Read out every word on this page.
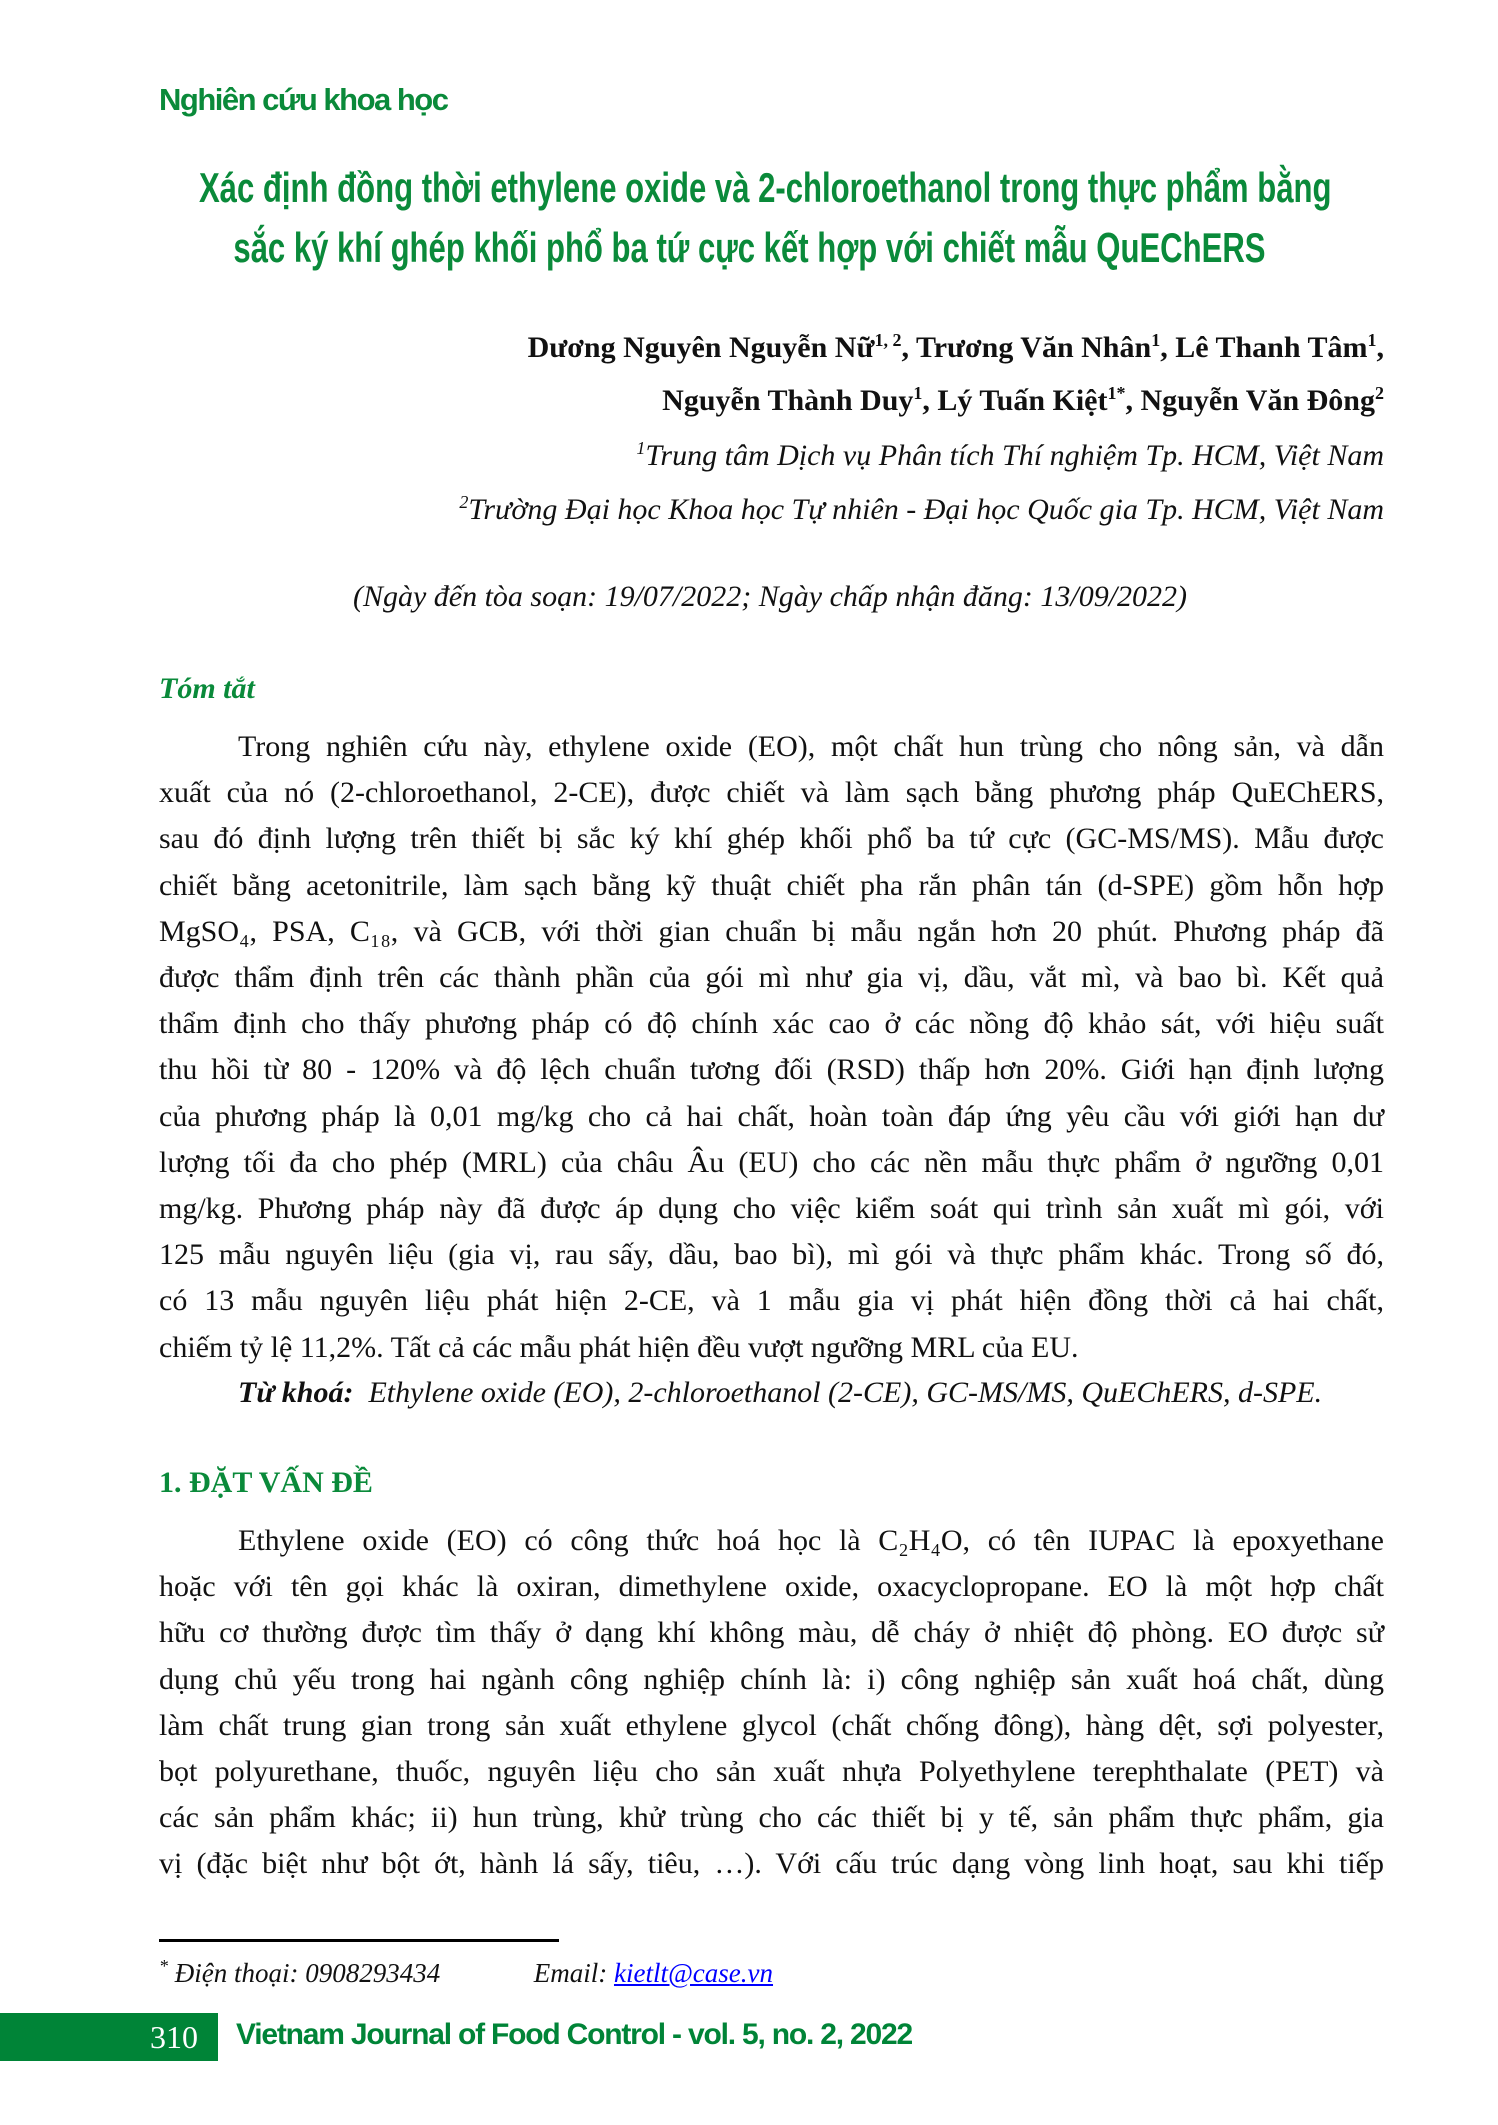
Nghiên cứu khoa học
Xác định đồng thời ethylene oxide và 2-chloroethanol trong thực phẩm bằng
sắc ký khí ghép khối phổ ba tứ cực kết hợp với chiết mẫu QuEChERS
Dương Nguyên Nguyễn Nữ$^{1, 2}$, Trương Văn Nhân$^1$, Lê Thanh Tâm$^1$,
Nguyễn Thành Duy$^1$, Lý Tuấn Kiệt$^{1*}$, Nguyễn Văn Đông$^2$
$^1$Trung tâm Dịch vụ Phân tích Thí nghiệm Tp. HCM, Việt Nam
$^2$Trường Đại học Khoa học Tự nhiên - Đại học Quốc gia Tp. HCM, Việt Nam
(Ngày đến tòa soạn: 19/07/2022; Ngày chấp nhận đăng: 13/09/2022)
Tóm tắt
Trong nghiên cứu này, ethylene oxide (EO), một chất hun trùng cho nông sản, và dẫn
xuất của nó (2-chloroethanol, 2-CE), được chiết và làm sạch bằng phương pháp QuEChERS,
sau đó định lượng trên thiết bị sắc ký khí ghép khối phổ ba tứ cực (GC-MS/MS). Mẫu được
chiết bằng acetonitrile, làm sạch bằng kỹ thuật chiết pha rắn phân tán (d-SPE) gồm hỗn hợp
MgSO₄, PSA, C₁₈, và GCB, với thời gian chuẩn bị mẫu ngắn hơn 20 phút. Phương pháp đã
được thẩm định trên các thành phần của gói mì như gia vị, dầu, vắt mì, và bao bì. Kết quả
thẩm định cho thấy phương pháp có độ chính xác cao ở các nồng độ khảo sát, với hiệu suất
thu hồi từ 80 - 120% và độ lệch chuẩn tương đối (RSD) thấp hơn 20%. Giới hạn định lượng
của phương pháp là 0,01 mg/kg cho cả hai chất, hoàn toàn đáp ứng yêu cầu với giới hạn dư
lượng tối đa cho phép (MRL) của châu Âu (EU) cho các nền mẫu thực phẩm ở ngưỡng 0,01
mg/kg. Phương pháp này đã được áp dụng cho việc kiểm soát qui trình sản xuất mì gói, với
125 mẫu nguyên liệu (gia vị, rau sấy, dầu, bao bì), mì gói và thực phẩm khác. Trong số đó,
có 13 mẫu nguyên liệu phát hiện 2-CE, và 1 mẫu gia vị phát hiện đồng thời cả hai chất,
chiếm tỷ lệ 11,2%. Tất cả các mẫu phát hiện đều vượt ngưỡng MRL của EU.
Từ khoá: Ethylene oxide (EO), 2-chloroethanol (2-CE), GC-MS/MS, QuEChERS, d-SPE.
1. ĐẶT VẤN ĐỀ
Ethylene oxide (EO) có công thức hoá học là C₂H₄O, có tên IUPAC là epoxyethane
hoặc với tên gọi khác là oxiran, dimethylene oxide, oxacyclopropane. EO là một hợp chất
hữu cơ thường được tìm thấy ở dạng khí không màu, dễ cháy ở nhiệt độ phòng. EO được sử
dụng chủ yếu trong hai ngành công nghiệp chính là: i) công nghiệp sản xuất hoá chất, dùng
làm chất trung gian trong sản xuất ethylene glycol (chất chống đông), hàng dệt, sợi polyester,
bọt polyurethane, thuốc, nguyên liệu cho sản xuất nhựa Polyethylene terephthalate (PET) và
các sản phẩm khác; ii) hun trùng, khử trùng cho các thiết bị y tế, sản phẩm thực phẩm, gia
vị (đặc biệt như bột ớt, hành lá sấy, tiêu, …). Với cấu trúc dạng vòng linh hoạt, sau khi tiếp
* Điện thoại: 0908293434	Email: kietlt@case.vn
310 Vietnam Journal of Food Control - vol. 5, no. 2, 2022
